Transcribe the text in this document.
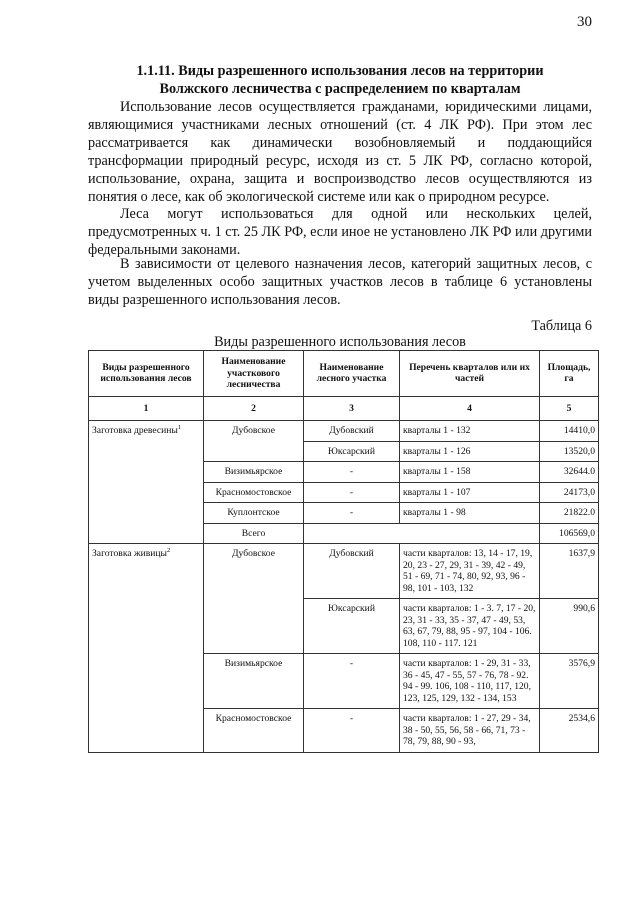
30
1.1.11. Виды разрешенного использования лесов на территории
Волжского лесничества с распределением по кварталам

Использование лесов осуществляется гражданами, юридическими лицами, являющимися участниками лесных отношений (ст. 4 ЛК РФ). При этом лес рассматривается как динамически возобновляемый и поддающийся трансформации природный ресурс, исходя из ст. 5 ЛК РФ, согласно которой, использование, охрана, защита и воспроизводство лесов осуществляются из понятия о лесе, как об экологической системе или как о природном ресурсе.

Леса могут использоваться для одной или нескольких целей, предусмотренных ч. 1 ст. 25 ЛК РФ, если иное не установлено ЛК РФ или другими федеральными законами.

В зависимости от целевого назначения лесов, категорий защитных лесов, с учетом выделенных особо защитных участков лесов в таблице 6 установлены виды разрешенного использования лесов.

Таблица 6
Виды разрешенного использования лесов
Виды разрешенного использования лесов	Наименование участкового лесничества	Наименование лесного участка	Перечень кварталов или их частей	Площадь, га
1	2	3	4	5
Заготовка древесины$^1$	Дубовское	Дубовский	кварталы 1 - 132	14410,0
		Юксарский	кварталы 1 - 126	13520,0
	Визимьярское	-	кварталы 1 - 158	32644.0
	Красномостовское	-	кварталы 1 - 107	24173,0
	Куплонтское	-	кварталы 1 - 98	21822.0
	Всего			106569,0
Заготовка живицы$^2$	Дубовское	Дубовский	части кварталов: 13, 14 - 17, 19, 20, 23 - 27, 29, 31 - 39, 42 - 49, 51 - 69, 71 - 74, 80, 92, 93, 96 - 98, 101 - 103, 132	1637,9
		Юксарский	части кварталов: 1 - 3. 7, 17 - 20, 23, 31 - 33, 35 - 37, 47 - 49, 53, 63, 67, 79, 88, 95 - 97, 104 - 106. 108, 110 - 117. 121	990,6
	Визимьярское	-	части кварталов: 1 - 29, 31 - 33, 36 - 45, 47 - 55, 57 - 76, 78 - 92. 94 - 99. 106, 108 - 110, 117, 120, 123, 125, 129, 132 - 134, 153	3576,9
	Красномостовское	-	части кварталов: 1 - 27, 29 - 34, 38 - 50, 55, 56, 58 - 66, 71, 73 - 78, 79, 88, 90 - 93,	2534,6
